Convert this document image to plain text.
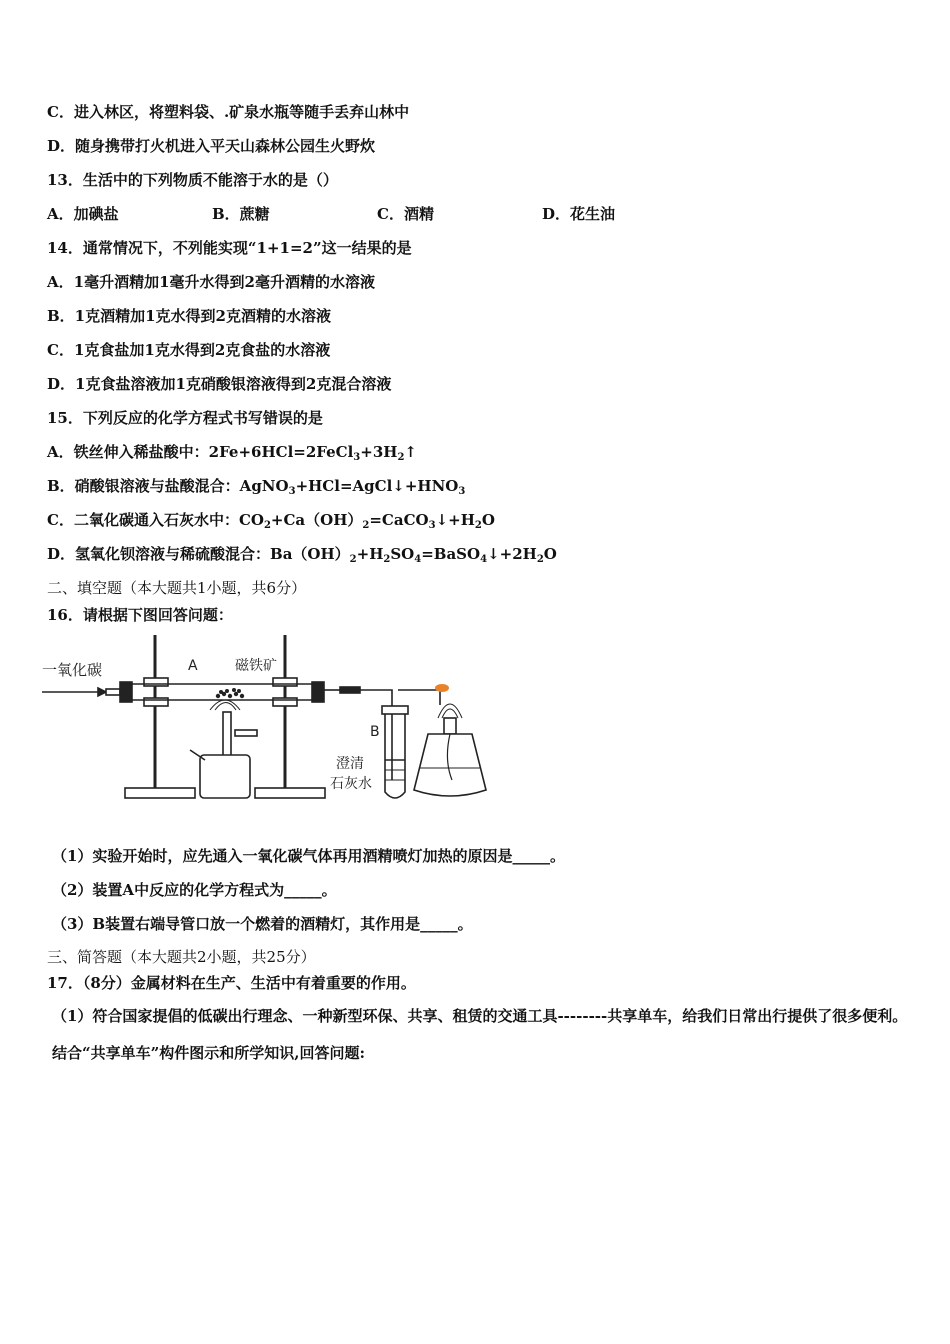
C．进入林区，将塑料袋、.矿泉水瓶等随手丢弃山林中
D．随身携带打火机进入平天山森林公园生火野炊
13．生活中的下列物质不能溶于水的是（）
A．加碘盐	B．蔗糖	C．酒精	D．花生油
14．通常情况下，不列能实现“1+1=2”这一结果的是
A．1毫升酒精加1毫升水得到2毫升酒精的水溶液
B．1克酒精加1克水得到2克酒精的水溶液
C．1克食盐加1克水得到2克食盐的水溶液
D．1克食盐溶液加1克硝酸银溶液得到2克混合溶液
15．下列反应的化学方程式书写错误的是
A．铁丝伸入稀盐酸中：$2Fe+6HCl=2FeCl_3+3H_2↑$
B．硝酸银溶液与盐酸混合：$AgNO_3+HCl=AgCl↓+HNO_3$
C．二氧化碳通入石灰水中：$CO_2+Ca(OH)_2=CaCO_3↓+H_2O$
D．氢氧化钡溶液与稀硫酸混合：$Ba(OH)_2+H_2SO_4=BaSO_4↓+2H_2O$
二、填空题（本大题共1小题，共6分）
16．请根据下图回答问题：
一氧化碳	A	磁铁矿
B
澄清
石灰水
（1）实验开始时，应先通入一氧化碳气体再用酒精喷灯加热的原因是_____。
（2）装置A中反应的化学方程式为_____。
（3）B装置右端导管口放一个燃着的酒精灯，其作用是_____。
三、简答题（本大题共2小题，共25分）
17．（8分）金属材料在生产、生活中有着重要的作用。
（1）符合国家提倡的低碳出行理念、一种新型环保、共享、租赁的交通工具--------共享单车，给我们日常出行提供了很多便利。结合“共享单车”构件图示和所学知识,回答问题:
